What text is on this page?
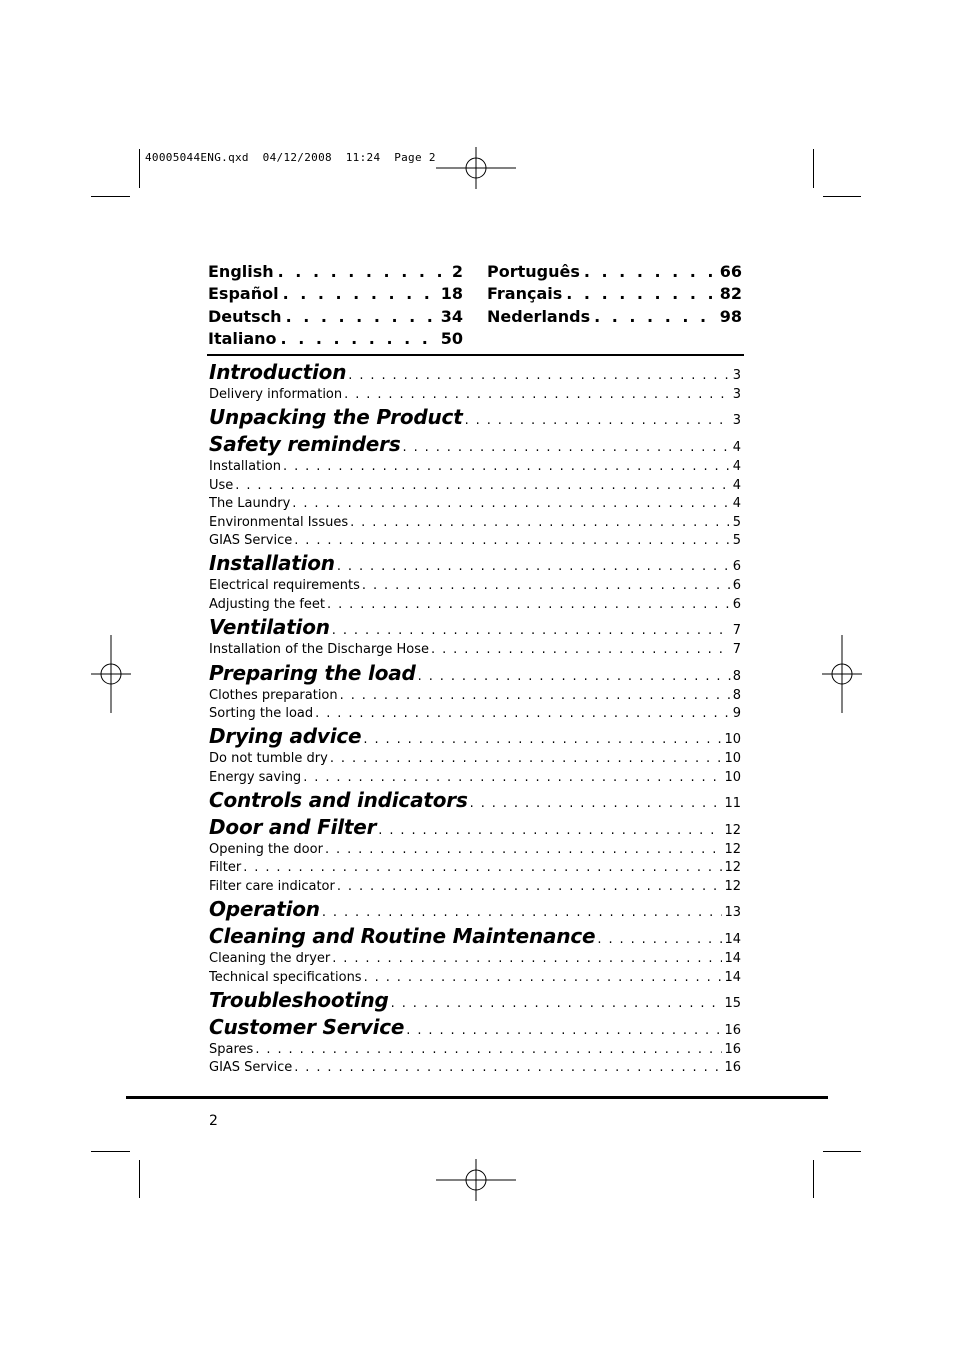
40005044ENG.qxd  04/12/2008  11:24  Page 2
English . . .	2
Español . . .	18
Deutsch . . .	34
Italiano . . .	50
Português . . .	66
Français . . .	82
Nederlands . . .	98
Introduction . . .	3
Delivery information . . .	3
Unpacking the Product . . .	3
Safety reminders . . .	4
Installation . . .	4
Use . . .	4
The Laundry . . .	4
Environmental Issues . . .	5
GIAS Service . . .	5
Installation . . .	6
Electrical requirements . . .	6
Adjusting the feet . . .	6
Ventilation . . .	7
Installation of the Discharge Hose . . .	7
Preparing the load . . .	8
Clothes preparation . . .	8
Sorting the load . . .	9
Drying advice . . .	10
Do not tumble dry . . .	10
Energy saving . . .	10
Controls and indicators . . .	11
Door and Filter . . .	12
Opening the door . . .	12
Filter . . .	12
Filter care indicator . . .	12
Operation . . .	13
Cleaning and Routine Maintenance . . .	14
Cleaning the dryer . . .	14
Technical specifications . . .	14
Troubleshooting . . .	15
Customer Service . . .	16
Spares . . .	16
GIAS Service . . .	16
2
